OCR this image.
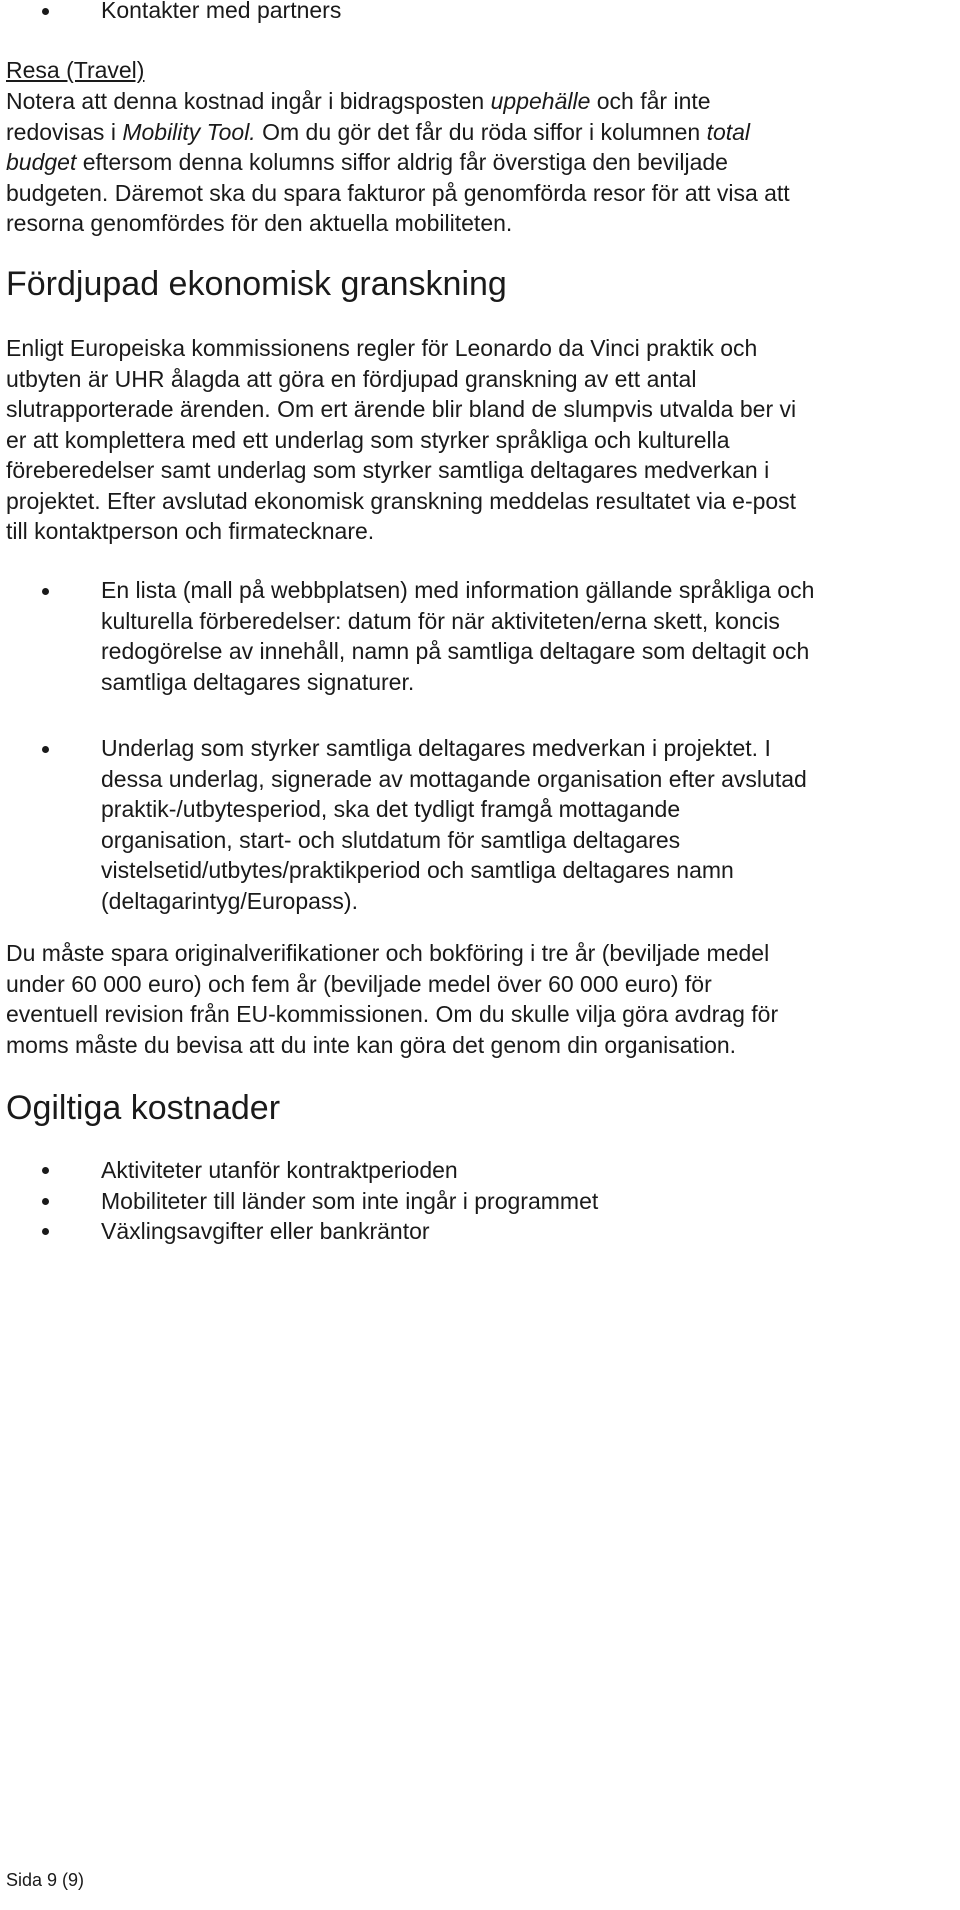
Kontakter med partners
Resa (Travel)
Notera att denna kostnad ingår i bidragsposten uppehälle och får inte
redovisas i Mobility Tool. Om du gör det får du röda siffor i kolumnen total
budget eftersom denna kolumns siffor aldrig får överstiga den beviljade
budgeten. Däremot ska du spara fakturor på genomförda resor för att visa att
resorna genomfördes för den aktuella mobiliteten.
Fördjupad ekonomisk granskning
Enligt Europeiska kommissionens regler för Leonardo da Vinci praktik och
utbyten är UHR ålagda att göra en fördjupad granskning av ett antal
slutrapporterade ärenden. Om ert ärende blir bland de slumpvis utvalda ber vi
er att komplettera med ett underlag som styrker språkliga och kulturella
föreberedelser samt underlag som styrker samtliga deltagares medverkan i
projektet. Efter avslutad ekonomisk granskning meddelas resultatet via e-post
till kontaktperson och firmatecknare.
En lista (mall på webbplatsen) med information gällande språkliga och
kulturella förberedelser: datum för när aktiviteten/erna skett, koncis
redogörelse av innehåll, namn på samtliga deltagare som deltagit och
samtliga deltagares signaturer.
Underlag som styrker samtliga deltagares medverkan i projektet. I
dessa underlag, signerade av mottagande organisation efter avslutad
praktik-/utbytesperiod, ska det tydligt framgå mottagande
organisation, start- och slutdatum för samtliga deltagares
vistelsetid/utbytes/praktikperiod och samtliga deltagares namn
(deltagarintyg/Europass).
Du måste spara originalverifikationer och bokföring i tre år (beviljade medel
under 60 000 euro) och fem år (beviljade medel över 60 000 euro) för
eventuell revision från EU-kommissionen. Om du skulle vilja göra avdrag för
moms måste du bevisa att du inte kan göra det genom din organisation.
Ogiltiga kostnader
Aktiviteter utanför kontraktperioden
Mobiliteter till länder som inte ingår i programmet
Växlingsavgifter eller bankräntor
Sida 9 (9)
